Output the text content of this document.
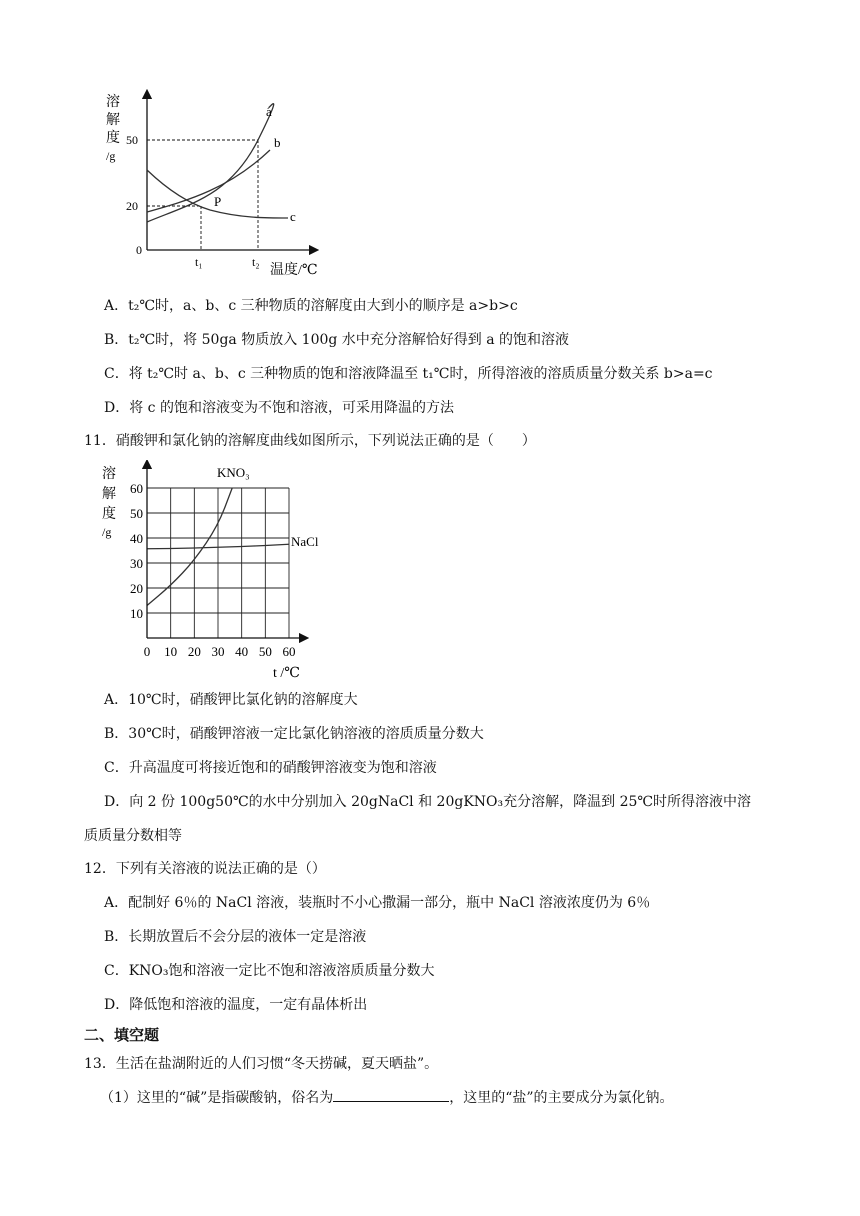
溶
解
度
/g
50
20
0
a
b
c
P
t₁	t₂
温度/℃
A．t₂℃时，a、b、c 三种物质的溶解度由大到小的顺序是 a>b>c
B．t₂℃时，将 50ga 物质放入 100g 水中充分溶解恰好得到 a 的饱和溶液
C．将 t₂℃时 a、b、c 三种物质的饱和溶液降温至 t₁℃时，所得溶液的溶质质量分数关系 b>a=c
D．将 c 的饱和溶液变为不饱和溶液，可采用降温的方法
11．硝酸钾和氯化钠的溶解度曲线如图所示，下列说法正确的是（　　）
溶
解
度
/g
0 10 20 30 40 50 60
10
20
30
40
50
60
KNO₃
NaCl
t /℃
A．10℃时，硝酸钾比氯化钠的溶解度大
B．30℃时，硝酸钾溶液一定比氯化钠溶液的溶质质量分数大
C．升高温度可将接近饱和的硝酸钾溶液变为饱和溶液
D．向 2 份 100g50℃的水中分别加入 20gNaCl 和 20gKNO₃充分溶解，降温到 25℃时所得溶液中溶
质质量分数相等
12．下列有关溶液的说法正确的是（）
A．配制好 6％的 NaCl 溶液，装瓶时不小心撒漏一部分，瓶中 NaCl 溶液浓度仍为 6％
B．长期放置后不会分层的液体一定是溶液
C．KNO₃饱和溶液一定比不饱和溶液溶质质量分数大
D．降低饱和溶液的温度，一定有晶体析出
二、填空题
13．生活在盐湖附近的人们习惯“冬天捞碱，夏天晒盐”。
（1）这里的“碱”是指碳酸钠，俗名为	，这里的“盐”的主要成分为氯化钠。
